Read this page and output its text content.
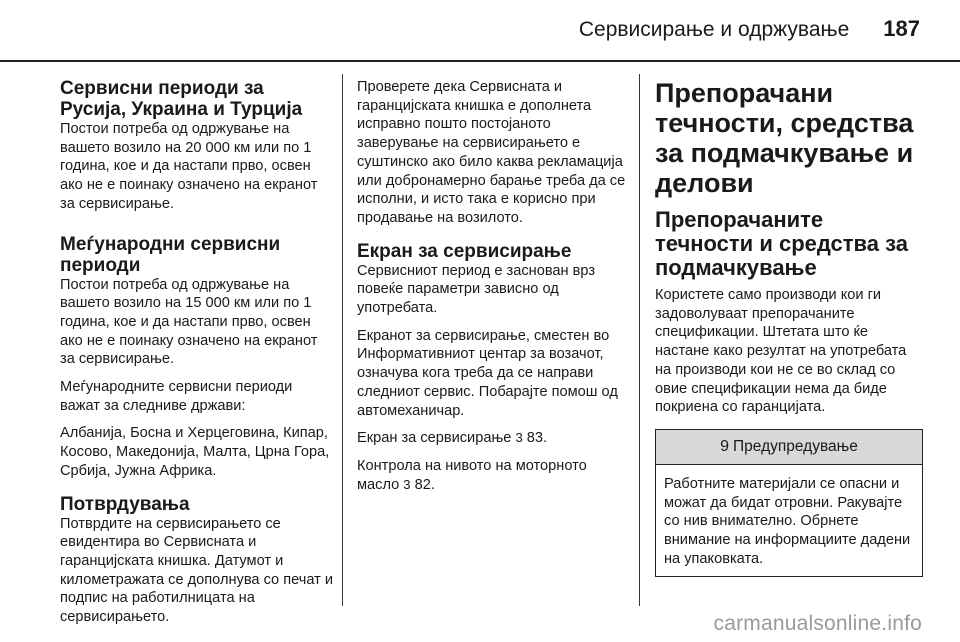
Сервисирање и одржување 187

Сервисни периоди за Русија, Украина и Турција

Постои потреба од одржување на вашето возило на 20 000 км или по 1 година, кое и да настапи прво, освен ако не е поинаку означено на екранот за сервисирање.

Меѓународни сервисни периоди

Постои потреба од одржување на вашето возило на 15 000 км или по 1 година, кое и да настапи прво, освен ако не е поинаку означено на екранот за сервисирање.

Меѓународните сервисни периоди важат за следниве држави:

Албанија, Босна и Херцеговина, Кипар, Косово, Македонија, Малта, Црна Гора, Србија, Јужна Африка.

Потврдувања

Потврдите на сервисирањето се евидентира во Сервисната и гаранцијската книшка. Датумот и километражата се дополнува со печат и подпис на работилницата на сервисирањето.

Проверете дека Сервисната и гаранцијската книшка е дополнета исправно пошто постојаното заверување на сервисирањето е суштинско ако било каква рекламација или добронамерно барање треба да се исполни, и исто така е корисно при продавање на возилото.

Екран за сервисирање

Сервисниот период е заснован врз повеќе параметри зависно од употребата.

Екранот за сервисирање, сместен во Информативниот центар за возачот, означува кога треба да се направи следниот сервис. Побарајте помош од автомеханичар.

Екран за сервисирање 3 83.

Контрола на нивото на моторното масло 3 82.

Препорачани течности, средства за подмачкување и делови

Препорачаните течности и средства за подмачкување

Користете само производи кои ги задоволуваат препорачаните спецификации. Штетата што ќе настане како резултат на употребата на производи кои не се во склад со овие спецификации нема да биде покриена со гаранцијата.

9 Предупредување

Работните материјали се опасни и можат да бидат отровни. Ракувајте со нив внимателно. Обрнете внимание на информациите дадени на упаковката.

carmanualsonline.info
